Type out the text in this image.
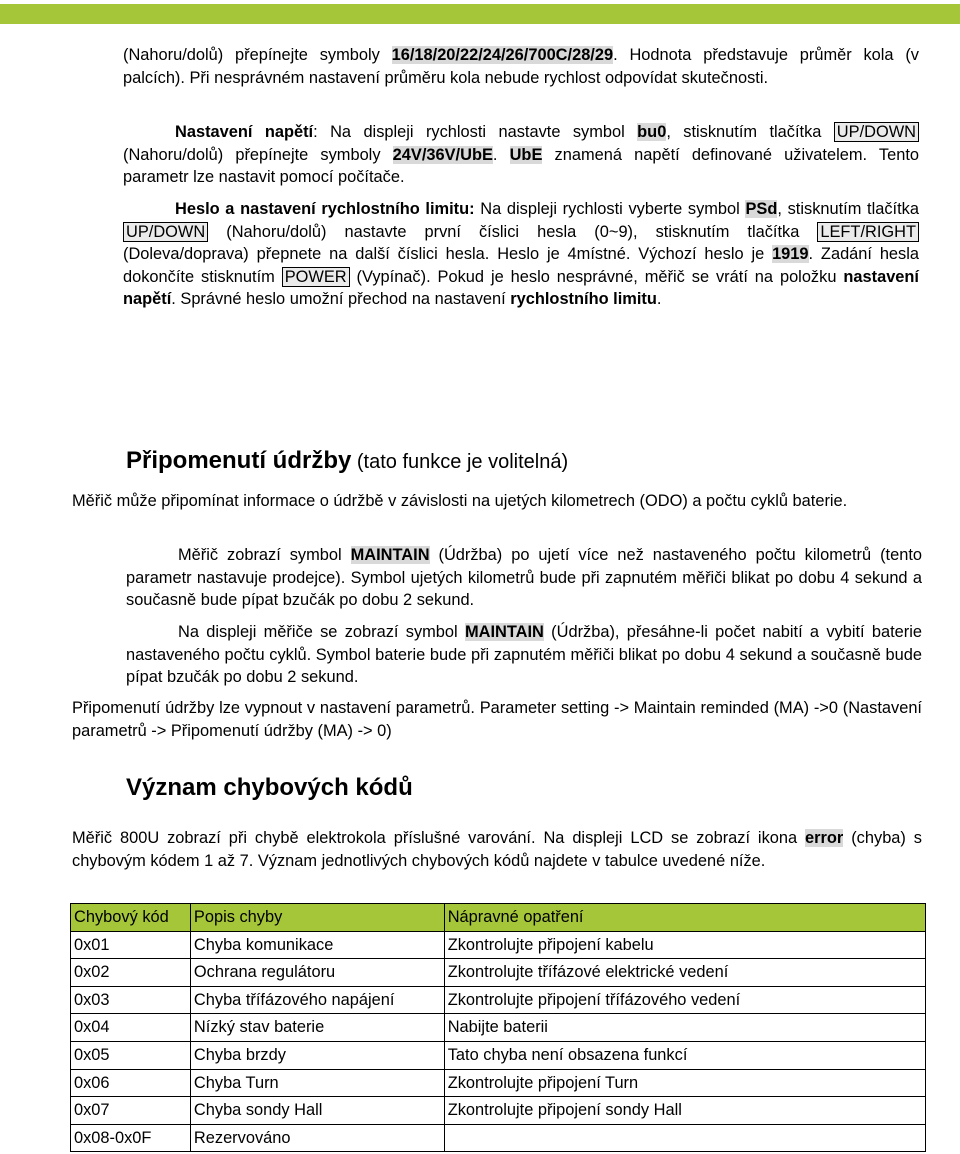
(Nahoru/dolů) přepínejte symboly 16/18/20/22/24/26/700C/28/29. Hodnota představuje průměr kola (v palcích). Při nesprávném nastavení průměru kola nebude rychlost odpovídat skutečnosti.

Nastavení napětí: Na displeji rychlosti nastavte symbol bu0, stisknutím tlačítka UP/DOWN (Nahoru/dolů) přepínejte symboly 24V/36V/UbE. UbE znamená napětí definované uživatelem. Tento parametr lze nastavit pomocí počítače.

Heslo a nastavení rychlostního limitu: Na displeji rychlosti vyberte symbol PSd, stisknutím tlačítka UP/DOWN (Nahoru/dolů) nastavte první číslici hesla (0~9), stisknutím tlačítka LEFT/RIGHT (Doleva/doprava) přepnete na další číslici hesla. Heslo je 4místné. Výchozí heslo je 1919. Zadání hesla dokončíte stisknutím POWER (Vypínač). Pokud je heslo nesprávné, měřič se vrátí na položku nastavení napětí. Správné heslo umožní přechod na nastavení rychlostního limitu.

Připomenutí údržby (tato funkce je volitelná)

Měřič může připomínat informace o údržbě v závislosti na ujetých kilometrech (ODO) a počtu cyklů baterie.

Měřič zobrazí symbol MAINTAIN (Údržba) po ujetí více než nastaveného počtu kilometrů (tento parametr nastavuje prodejce). Symbol ujetých kilometrů bude při zapnutém měřiči blikat po dobu 4 sekund a současně bude pípat bzučák po dobu 2 sekund.

Na displeji měřiče se zobrazí symbol MAINTAIN (Údržba), přesáhne-li počet nabití a vybití baterie nastaveného počtu cyklů. Symbol baterie bude při zapnutém měřiči blikat po dobu 4 sekund a současně bude pípat bzučák po dobu 2 sekund.

Připomenutí údržby lze vypnout v nastavení parametrů. Parameter setting -> Maintain reminded (MA) ->0 (Nastavení parametrů -> Připomenutí údržby (MA) -> 0)

Význam chybových kódů

Měřič 800U zobrazí při chybě elektrokola příslušné varování. Na displeji LCD se zobrazí ikona error (chyba) s chybovým kódem 1 až 7. Význam jednotlivých chybových kódů najdete v tabulce uvedené níže.

Chybový kód	Popis chyby	Nápravné opatření
0x01	Chyba komunikace	Zkontrolujte připojení kabelu
0x02	Ochrana regulátoru	Zkontrolujte třífázové elektrické vedení
0x03	Chyba třífázového napájení	Zkontrolujte připojení třífázového vedení
0x04	Nízký stav baterie	Nabijte baterii
0x05	Chyba brzdy	Tato chyba není obsazena funkcí
0x06	Chyba Turn	Zkontrolujte připojení Turn
0x07	Chyba sondy Hall	Zkontrolujte připojení sondy Hall
0x08-0x0F	Rezervováno	
